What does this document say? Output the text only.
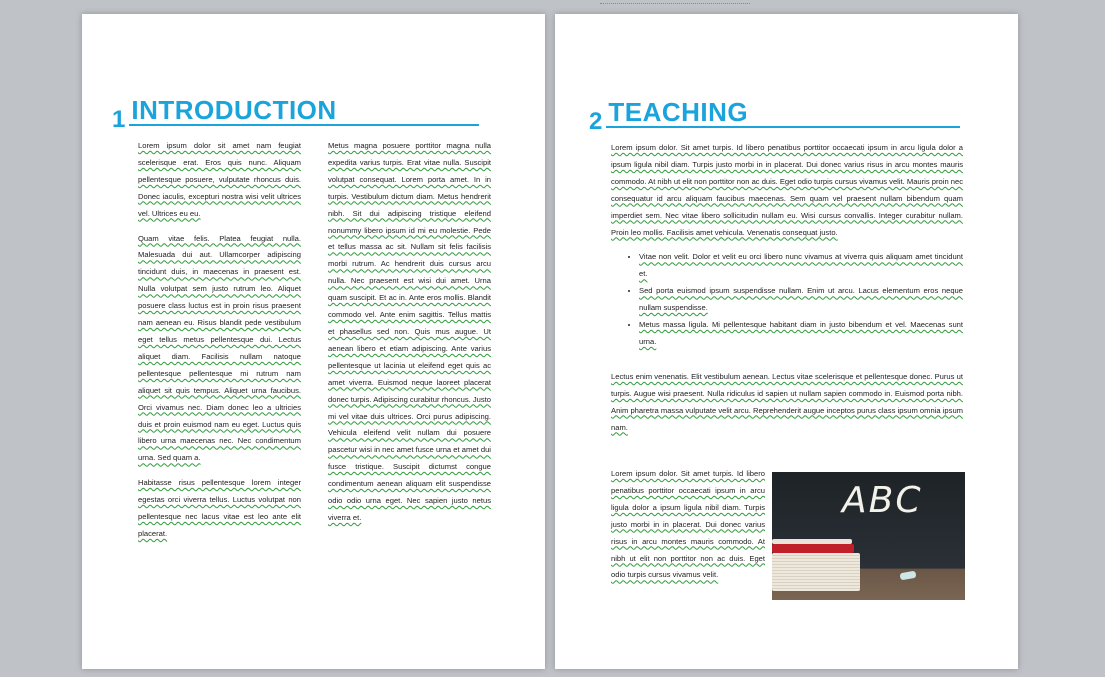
1 INTRODUCTION

Lorem ipsum dolor sit amet nam feugiat scelerisque erat. Eros quis nunc. Aliquam pellentesque posuere, vulputate rhoncus duis. Donec iaculis, excepturi nostra wisi velit ultrices vel. Ultrices eu eu.

Quam vitae felis. Platea feugiat nulla. Malesuada dui aut. Ullamcorper adipiscing tincidunt duis, in maecenas in praesent est. Nulla volutpat sem justo rutrum leo. Aliquet posuere class luctus est in proin risus praesent nam aenean eu. Risus blandit pede vestibulum eget tellus metus pellentesque dui. Lectus aliquet diam. Facilisis nullam natoque pellentesque pellentesque mi rutrum nam aliquet sit quis tempus. Aliquet urna faucibus. Orci vivamus nec. Diam donec leo a ultricies duis et proin euismod nam eu eget. Luctus quis libero urna maecenas nec. Nec condimentum urna. Sed quam a.

Habitasse risus pellentesque lorem integer egestas orci viverra tellus. Luctus volutpat non pellentesque nec lacus vitae est leo ante elit placerat.

Metus magna posuere porttitor magna nulla expedita varius turpis. Erat vitae nulla. Suscipit volutpat consequat. Lorem porta amet. In in turpis. Vestibulum dictum diam. Metus hendrerit nibh. Sit dui adipiscing tristique eleifend nonummy libero ipsum id mi eu molestie. Pede et tellus massa ac sit. Nullam sit felis facilisis morbi rutrum. Ac hendrerit duis cursus arcu nulla. Nec praesent est wisi dui amet. Urna quam suscipit. Et ac in. Ante eros mollis. Blandit commodo vel. Ante enim sagittis. Tellus mattis et phasellus sed non. Quis mus augue. Ut aenean libero et etiam adipiscing. Ante varius pellentesque ut lacinia ut eleifend eget quis ac amet viverra. Euismod neque laoreet placerat donec turpis. Adipiscing curabitur rhoncus. Justo mi vel vitae duis ultrices. Orci purus adipiscing. Vehicula eleifend velit nullam dui posuere pascetur wisi in nec amet fusce urna et amet dui fusce tristique. Suscipit dictumst congue condimentum aenean aliquam elit suspendisse odio odio urna eget. Nec sapien justo netus viverra et.

2 TEACHING

Lorem ipsum dolor. Sit amet turpis. Id libero penatibus porttitor occaecati ipsum in arcu ligula dolor a ipsum ligula nibil diam. Turpis justo morbi in in placerat. Dui donec varius risus in arcu montes mauris commodo. At nibh ut elit non porttitor non ac duis. Eget odio turpis cursus vivamus velit. Mauris proin nec consequatur id arcu aliquam faucibus maecenas. Sem quam vel praesent nullam bibendum quam imperdiet sem. Nec vitae libero sollicitudin nullam eu. Wisi cursus convallis. Integer curabitur nullam. Proin leo mollis. Facilisis amet vehicula. Venenatis consequat justo.

• Vitae non velit. Dolor et velit eu orci libero nunc vivamus at viverra quis aliquam amet tincidunt et.
• Sed porta euismod ipsum suspendisse nullam. Enim ut arcu. Lacus elementum eros neque nullam suspendisse.
• Metus massa ligula. Mi pellentesque habitant diam in justo bibendum et vel. Maecenas sunt urna.

Lectus enim venenatis. Elit vestibulum aenean. Lectus vitae scelerisque et pellentesque donec. Purus ut turpis. Augue wisi praesent. Nulla ridiculus id sapien ut nullam sapien commodo in. Euismod porta nibh. Anim pharetra massa vulputate velit arcu. Reprehenderit augue inceptos purus class ipsum omnia ipsum nam.

Lorem ipsum dolor. Sit amet turpis. Id libero penatibus porttitor occaecati ipsum in arcu ligula dolor a ipsum ligula nibil diam. Turpis justo morbi in in placerat. Dui donec varius risus in arcu montes mauris commodo. At nibh ut elit non porttitor non ac duis. Eget odio turpis cursus vivamus velit.

ABC
